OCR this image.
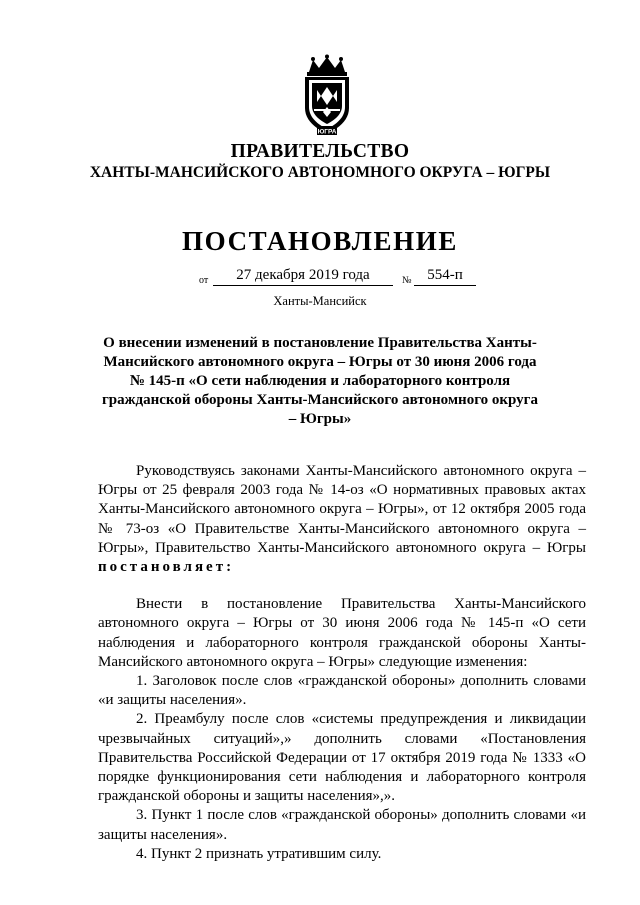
ЮГРА
ПРАВИТЕЛЬСТВО
ХАНТЫ-МАНСИЙСКОГО АВТОНОМНОГО ОКРУГА – ЮГРЫ
ПОСТАНОВЛЕНИЕ
от	27 декабря 2019 года	№	554-п
Ханты-Мансийск
О внесении изменений в постановление Правительства Ханты-Мансийского автономного округа – Югры от 30 июня 2006 года № 145-п «О сети наблюдения и лабораторного контроля гражданской обороны Ханты-Мансийского автономного округа – Югры»

Руководствуясь законами Ханты-Мансийского автономного округа – Югры от 25 февраля 2003 года № 14-оз «О нормативных правовых актах Ханты-Мансийского автономного округа – Югры», от 12 октября 2005 года № 73-оз «О Правительстве Ханты-Мансийского автономного округа – Югры», Правительство Ханты-Мансийского автономного округа – Югры постановляет:

Внести в постановление Правительства Ханты-Мансийского автономного округа – Югры от 30 июня 2006 года № 145-п «О сети наблюдения и лабораторного контроля гражданской обороны Ханты-Мансийского автономного округа – Югры» следующие изменения:

1. Заголовок после слов «гражданской обороны» дополнить словами «и защиты населения».

2. Преамбулу после слов «системы предупреждения и ликвидации чрезвычайных ситуаций»,» дополнить словами «Постановления Правительства Российской Федерации от 17 октября 2019 года № 1333 «О порядке функционирования сети наблюдения и лабораторного контроля гражданской обороны и защиты населения»,».

3. Пункт 1 после слов «гражданской обороны» дополнить словами «и защиты населения».

4. Пункт 2 признать утратившим силу.
